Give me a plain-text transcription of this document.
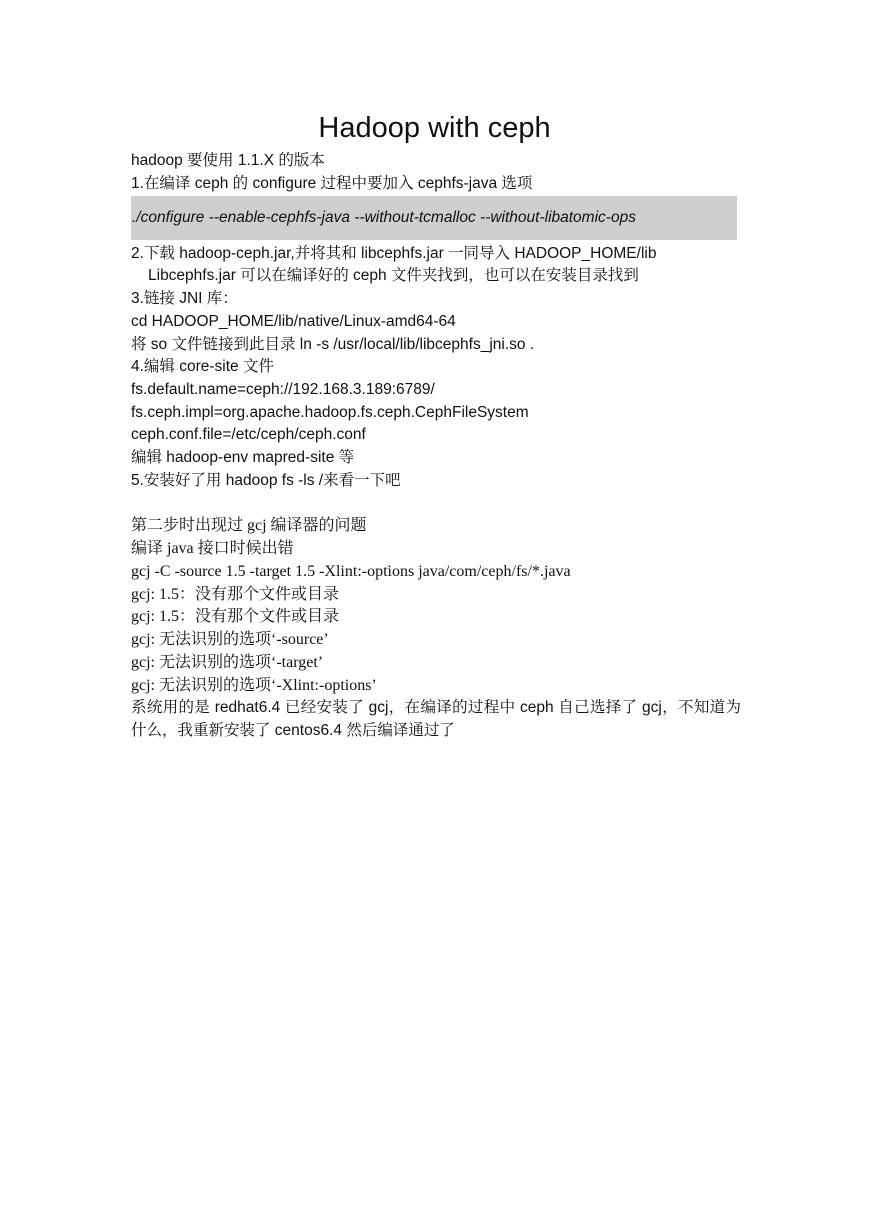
Hadoop with ceph
hadoop 要使用 1.1.X 的版本
1.在编译 ceph 的 configure 过程中要加入 cephfs-java 选项
./configure --enable-cephfs-java --without-tcmalloc --without-libatomic-ops
2.下载 hadoop-ceph.jar,并将其和 libcephfs.jar 一同导入 HADOOP_HOME/lib
Libcephfs.jar 可以在编译好的 ceph 文件夹找到，也可以在安装目录找到
3.链接 JNI 库：
cd HADOOP_HOME/lib/native/Linux-amd64-64
将 so 文件链接到此目录 ln -s /usr/local/lib/libcephfs_jni.so .
4.编辑 core-site 文件
fs.default.name=ceph://192.168.3.189:6789/
fs.ceph.impl=org.apache.hadoop.fs.ceph.CephFileSystem
ceph.conf.file=/etc/ceph/ceph.conf
编辑 hadoop-env mapred-site 等
5.安装好了用 hadoop fs -ls /来看一下吧
第二步时出现过 gcj 编译器的问题
编译 java 接口时候出错
gcj -C -source 1.5 -target 1.5 -Xlint:-options java/com/ceph/fs/*.java
gcj: 1.5：没有那个文件或目录
gcj: 1.5：没有那个文件或目录
gcj: 无法识别的选项‘-source’
gcj: 无法识别的选项‘-target’
gcj: 无法识别的选项‘-Xlint:-options’
系统用的是 redhat6.4 已经安装了 gcj，在编译的过程中 ceph 自己选择了 gcj，不知道为什么，我重新安装了 centos6.4 然后编译通过了
